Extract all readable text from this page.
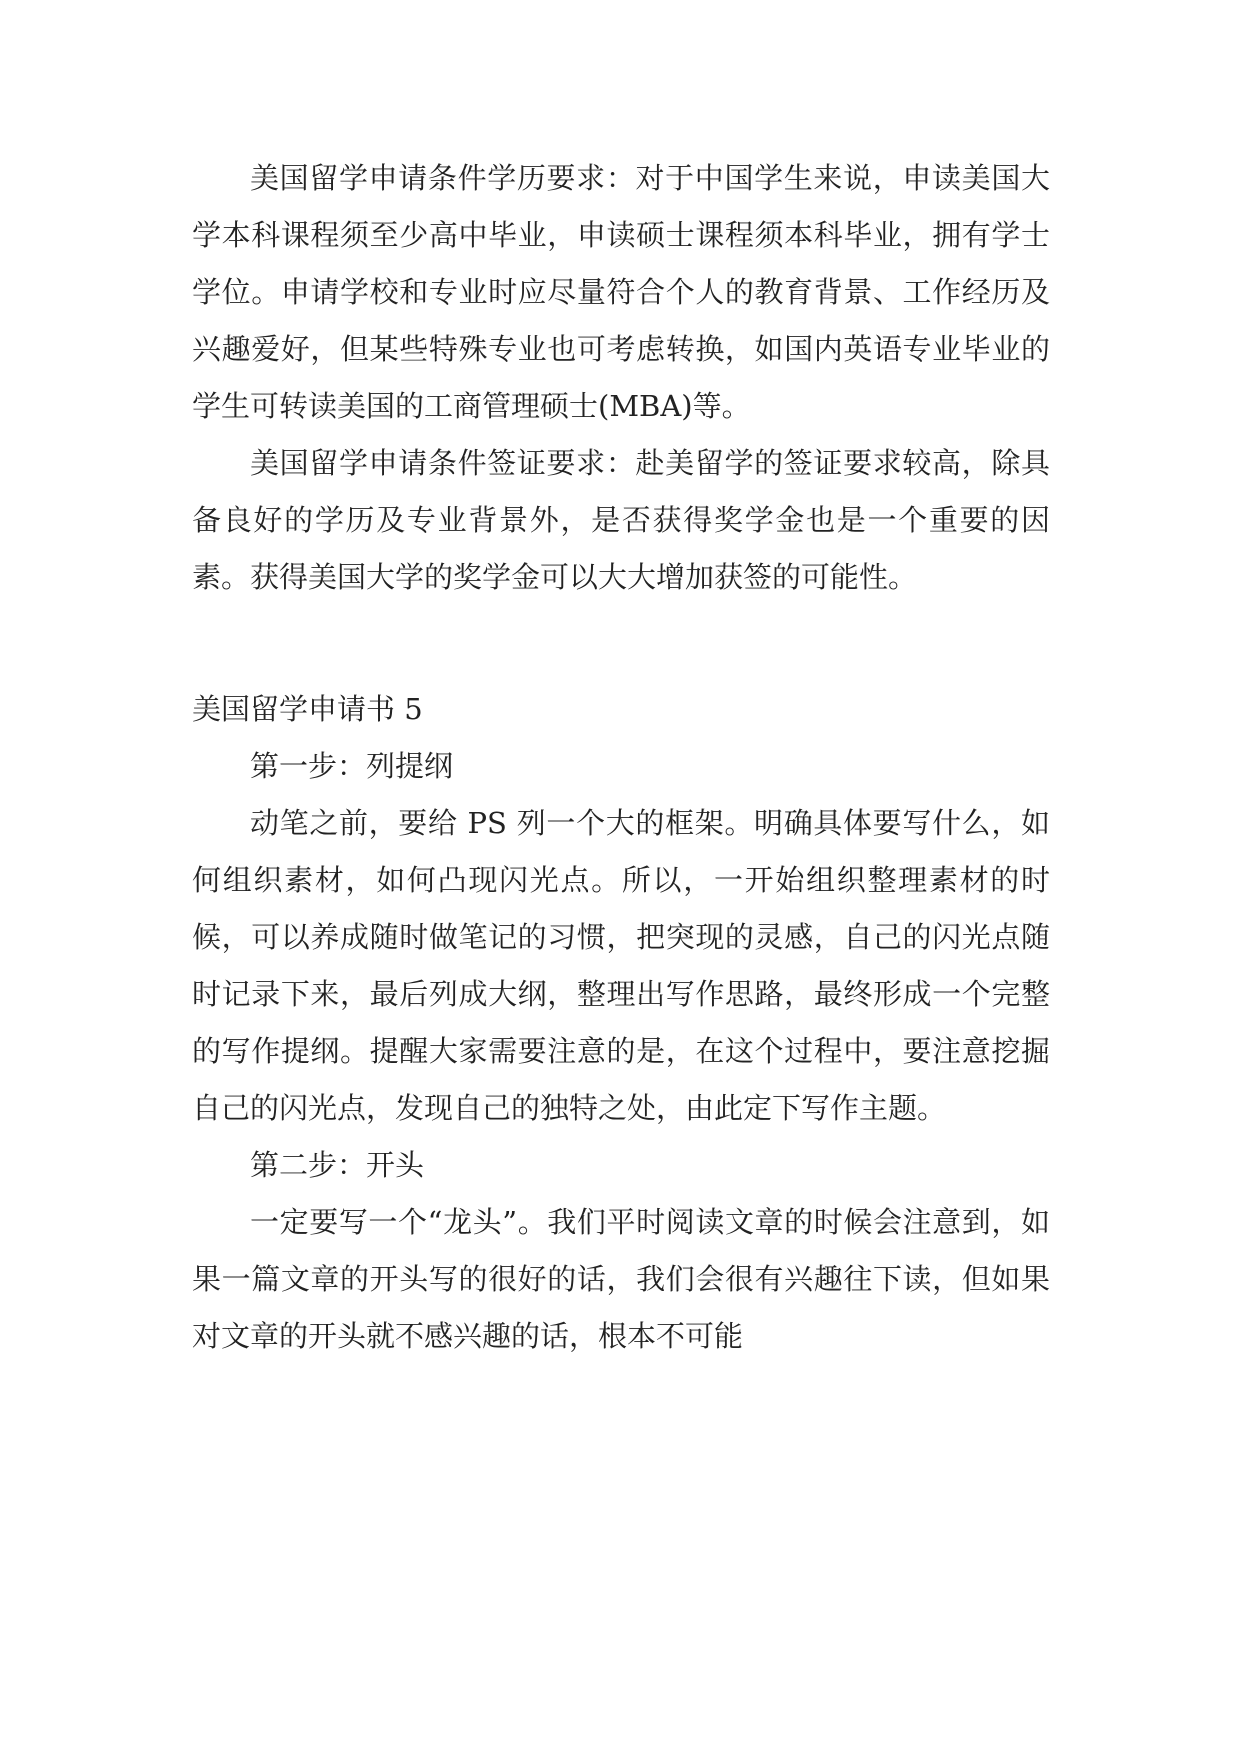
美国留学申请条件学历要求：对于中国学生来说，申读美国大学本科课程须至少高中毕业，申读硕士课程须本科毕业，拥有学士学位。申请学校和专业时应尽量符合个人的教育背景、工作经历及兴趣爱好，但某些特殊专业也可考虑转换，如国内英语专业毕业的学生可转读美国的工商管理硕士(MBA)等。

美国留学申请条件签证要求：赴美留学的签证要求较高，除具备良好的学历及专业背景外，是否获得奖学金也是一个重要的因素。获得美国大学的奖学金可以大大增加获签的可能性。

美国留学申请书 5

第一步：列提纲

动笔之前，要给 PS 列一个大的框架。明确具体要写什么，如何组织素材，如何凸现闪光点。所以，一开始组织整理素材的时候，可以养成随时做笔记的习惯，把突现的灵感，自己的闪光点随时记录下来，最后列成大纲，整理出写作思路，最终形成一个完整的写作提纲。提醒大家需要注意的是，在这个过程中，要注意挖掘自己的闪光点，发现自己的独特之处，由此定下写作主题。

第二步：开头

一定要写一个“龙头”。我们平时阅读文章的时候会注意到，如果一篇文章的开头写的很好的话，我们会很有兴趣往下读，但如果对文章的开头就不感兴趣的话，根本不可能
